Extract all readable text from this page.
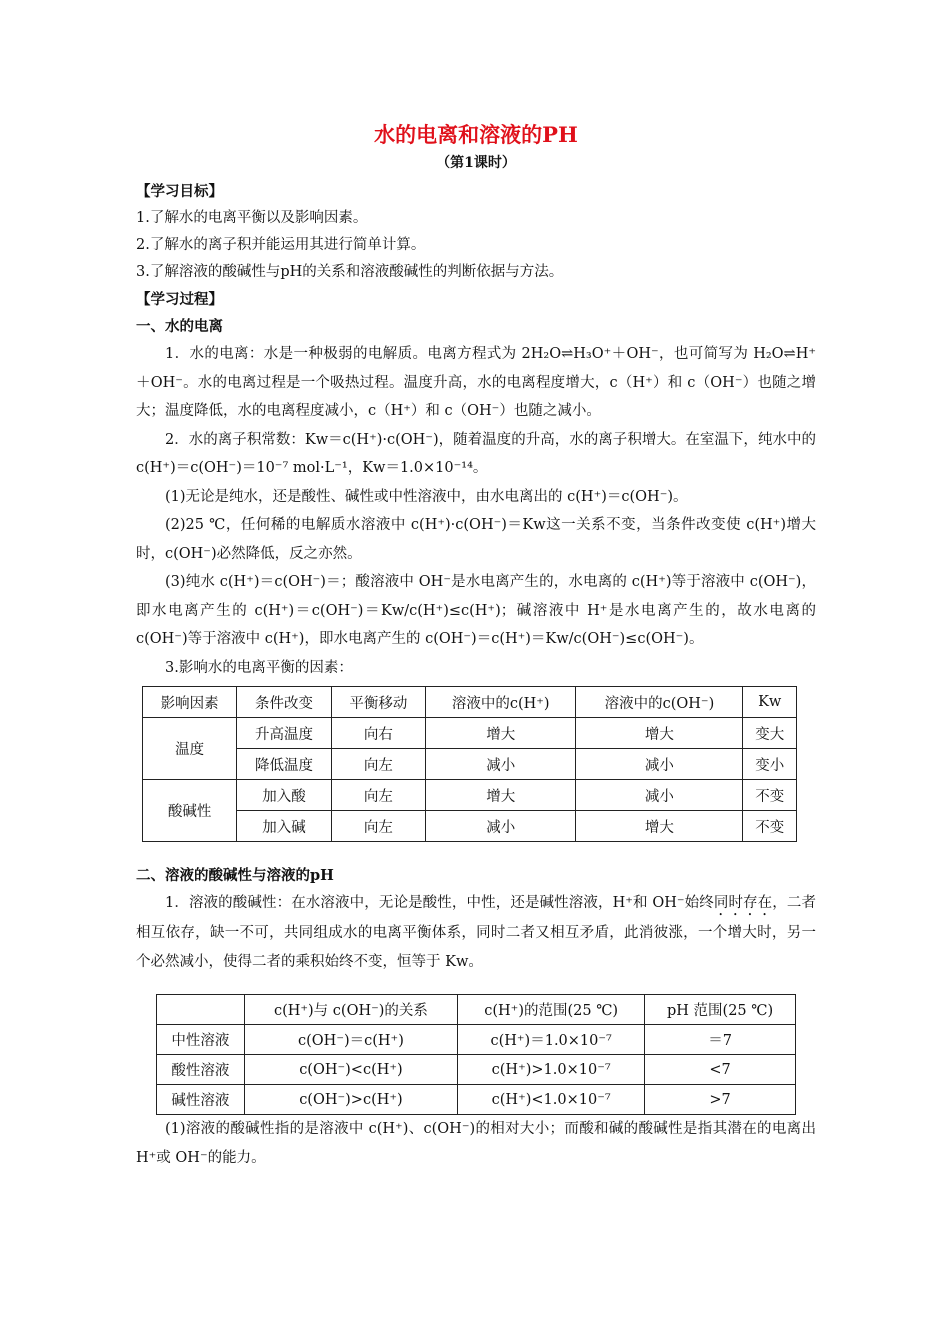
水的电离和溶液的PH
（第1课时）
【学习目标】
1.了解水的电离平衡以及影响因素。
2.了解水的离子积并能运用其进行简单计算。
3.了解溶液的酸碱性与pH的关系和溶液酸碱性的判断依据与方法。
【学习过程】
一、水的电离
1．水的电离：水是一种极弱的电解质。电离方程式为 2H₂O⇌H₃O⁺＋OH⁻，也可简写为 H₂O⇌H⁺＋OH⁻。水的电离过程是一个吸热过程。温度升高，水的电离程度增大，c（H⁺）和 c（OH⁻）也随之增大；温度降低，水的电离程度减小，c（H⁺）和 c（OH⁻）也随之减小。
2．水的离子积常数：Kw＝c(H⁺)·c(OH⁻)，随着温度的升高，水的离子积增大。在室温下，纯水中的 c(H⁺)＝c(OH⁻)＝10⁻⁷ mol·L⁻¹，Kw＝1.0×10⁻¹⁴。
(1)无论是纯水，还是酸性、碱性或中性溶液中，由水电离出的 c(H⁺)＝c(OH⁻)。
(2)25 ℃，任何稀的电解质水溶液中 c(H⁺)·c(OH⁻)＝Kw这一关系不变，当条件改变使 c(H⁺)增大时，c(OH⁻)必然降低，反之亦然。
(3)纯水 c(H⁺)＝c(OH⁻)＝；酸溶液中 OH⁻是水电离产生的，水电离的 c(H⁺)等于溶液中 c(OH⁻)，即水电离产生的 c(H⁺)＝c(OH⁻)＝Kw/c(H⁺)≤c(H⁺)；碱溶液中 H⁺是水电离产生的，故水电离的 c(OH⁻)等于溶液中 c(H⁺)，即水电离产生的 c(OH⁻)＝c(H⁺)＝Kw/c(OH⁻)≤c(OH⁻)。
3.影响水的电离平衡的因素：
影响因素	条件改变	平衡移动	溶液中的c(H⁺)	溶液中的c(OH⁻)	Kw
温度	升高温度	向右	增大	增大	变大
	降低温度	向左	减小	减小	变小
酸碱性	加入酸	向左	增大	减小	不变
	加入碱	向左	减小	增大	不变
二、溶液的酸碱性与溶液的pH
1．溶液的酸碱性：在水溶液中，无论是酸性，中性，还是碱性溶液，H⁺和 OH⁻始终同时存在，二者相互依存，缺一不可，共同组成水的电离平衡体系，同时二者又相互矛盾，此消彼涨，一个增大时，另一个必然减小，使得二者的乘积始终不变，恒等于 Kw。
	c(H⁺)与 c(OH⁻)的关系	c(H⁺)的范围(25 ℃)	pH 范围(25 ℃)
中性溶液	c(OH⁻)＝c(H⁺)	c(H⁺)＝1.0×10⁻⁷	＝7
酸性溶液	c(OH⁻)<c(H⁺)	c(H⁺)>1.0×10⁻⁷	<7
碱性溶液	c(OH⁻)>c(H⁺)	c(H⁺)<1.0×10⁻⁷	>7
(1)溶液的酸碱性指的是溶液中 c(H⁺)、c(OH⁻)的相对大小；而酸和碱的酸碱性是指其潜在的电离出 H⁺或 OH⁻的能力。
